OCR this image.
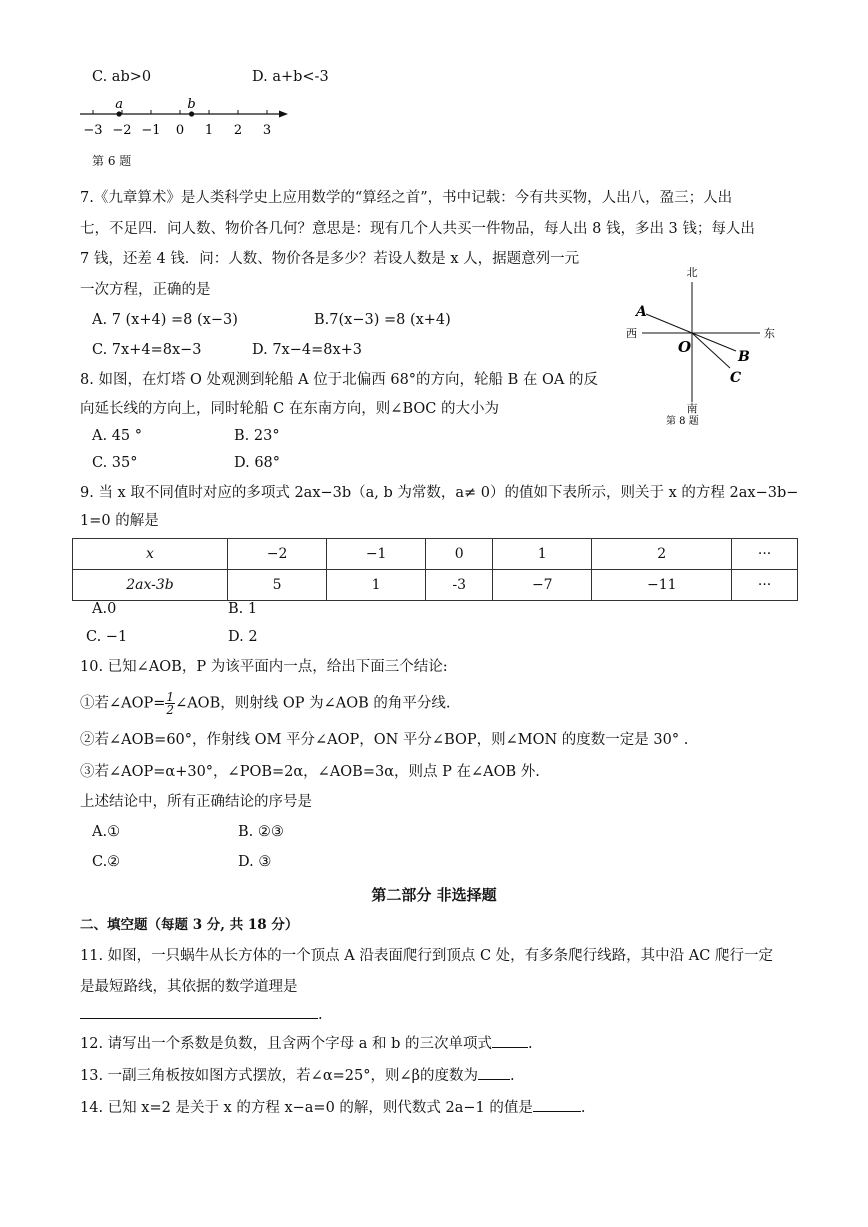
C. ab>0	D. a+b<-3
−3 −2 −1 0 1 2 3
a	b
第 6 题
7.《九章算术》是人类科学史上应用数学的“算经之首”，书中记载：今有共买物，人出八，盈三；人出
七，不足四．问人数、物价各几何？意思是：现有几个人共买一件物品，每人出 8 钱，多出 3 钱；每人出
7 钱，还差 4 钱．问：人数、物价各是多少？若设人数是 x 人，据题意列一元
一次方程，正确的是
A. 7 (x+4) =8 (x−3)	B.7(x−3) =8 (x+4)
C. 7x+4=8x−3	D. 7x−4=8x+3
北
南
西	东
O
A
B
C
第 8 题
8. 如图，在灯塔 O 处观测到轮船 A 位于北偏西 68°的方向，轮船 B 在 OA 的反
向延长线的方向上，同时轮船 C 在东南方向，则∠BOC 的大小为
A. 45 °	B. 23°
C. 35°	D. 68°
9. 当 x 取不同值时对应的多项式 2ax−3b（a, b 为常数，a≠ 0）的值如下表所示，则关于 x 的方程 2ax−3b−
1=0 的解是
x	−2	−1	0	1	2	···
2ax-3b	5	1	-3	−7	−11	···
A.0	B. 1
C. −1	D. 2
10. 已知∠AOB，P 为该平面内一点，给出下面三个结论:
①若∠AOP= $\frac{1}{2}$ ∠AOB，则射线 OP 为∠AOB 的角平分线.
②若∠AOB=60°，作射线 OM 平分∠AOP，ON 平分∠BOP，则∠MON 的度数一定是 30° .
③若∠AOP=α+30°，∠POB=2α，∠AOB=3α，则点 P 在∠AOB 外.
上述结论中，所有正确结论的序号是
A.①	B. ②③
C.②	D. ③
第二部分 非选择题
二、填空题（每题 3 分, 共 18 分）
11. 如图，一只蜗牛从长方体的一个顶点 A 沿表面爬行到顶点 C 处，有多条爬行线路，其中沿 AC 爬行一定
是最短路线，其依据的数学道理是
.
12. 请写出一个系数是负数，且含两个字母 a 和 b 的三次单项式 .
13. 一副三角板按如图方式摆放，若∠α=25°，则∠β的度数为 .
14. 已知 x=2 是关于 x 的方程 x−a=0 的解，则代数式 2a−1 的值是	.
